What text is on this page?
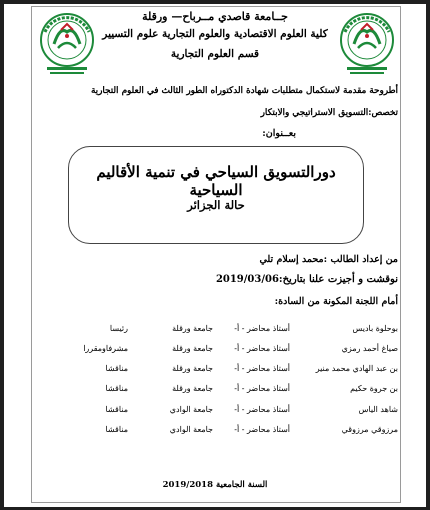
جــامعة قاصدي مــرباح— ورقلة
كلية العلوم الاقتصادية والعلوم التجارية علوم التسيير
قسم العلوم التجارية
أطروحة مقدمة لاستكمال متطلبات شهادة الدكتوراه الطور الثالث في العلوم التجارية
تخصص:التسويق الاستراتيجي والابتكار
بعــنوان:
دورالتسويق السياحي في تنمية الأقاليم السياحية
حالة الجزائر
من إعداد الطالب :محمد إسلام تلي
نوقشت و أجيزت علنا بتاريخ:2019/03/06
أمام اللجنة المكونة من السادة:
بوحلوة باديس
أستاذ محاضر - أ-
جامعة ورقلة
رئيسا
صياغ أحمد رمزي
أستاذ محاضر - أ-
جامعة ورقلة
مشرفاومقررا
بن عبد الهادي محمد منير
أستاذ محاضر - أ-
جامعة ورقلة
مناقشا
بن جروة حكيم
أستاذ محاضر - أ-
جامعة ورقلة
مناقشا
شاهد الياس
أستاذ محاضر - أ-
جامعة الوادي
مناقشا
مرزوقي مرزوقي
أستاذ محاضر - أ-
جامعة الوادي
مناقشا
السنة الجامعية 2019/2018
